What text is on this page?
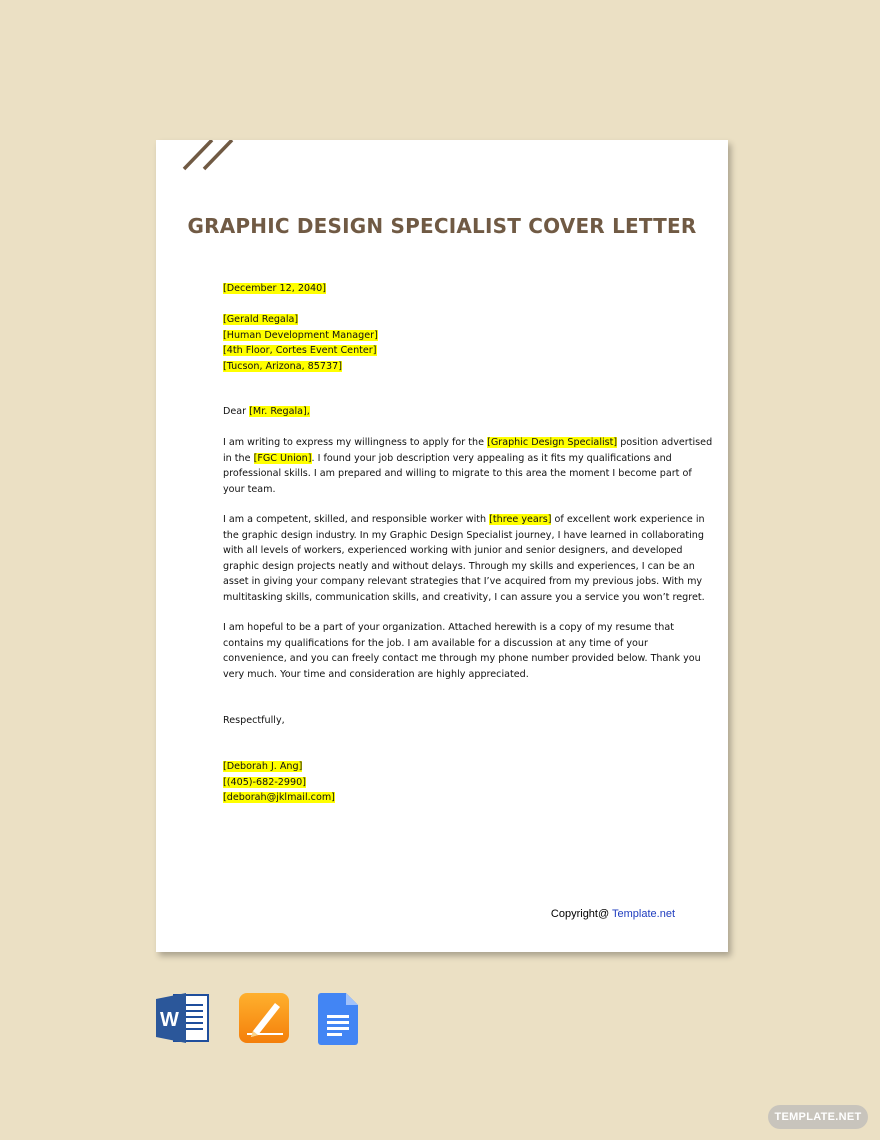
GRAPHIC DESIGN SPECIALIST COVER LETTER
[December 12, 2040]
[Gerald Regala]
[Human Development Manager]
[4th Floor, Cortes Event Center]
[Tucson, Arizona, 85737]
Dear [Mr. Regala],
I am writing to express my willingness to apply for the [Graphic Design Specialist] position advertised
in the [FGC Union]. I found your job description very appealing as it fits my qualifications and
professional skills. I am prepared and willing to migrate to this area the moment I become part of
your team.
I am a competent, skilled, and responsible worker with [three years] of excellent work experience in
the graphic design industry. In my Graphic Design Specialist journey, I have learned in collaborating
with all levels of workers, experienced working with junior and senior designers, and developed
graphic design projects neatly and without delays. Through my skills and experiences, I can be an
asset in giving your company relevant strategies that I’ve acquired from my previous jobs. With my
multitasking skills, communication skills, and creativity, I can assure you a service you won’t regret.
I am hopeful to be a part of your organization. Attached herewith is a copy of my resume that
contains my qualifications for the job. I am available for a discussion at any time of your
convenience, and you can freely contact me through my phone number provided below. Thank you
very much. Your time and consideration are highly appreciated.
Respectfully,
[Deborah J. Ang]
[(405)-682-2990]
[deborah@jklmail.com]
Copyright@ Template.net
W
TEMPLATE.NET
